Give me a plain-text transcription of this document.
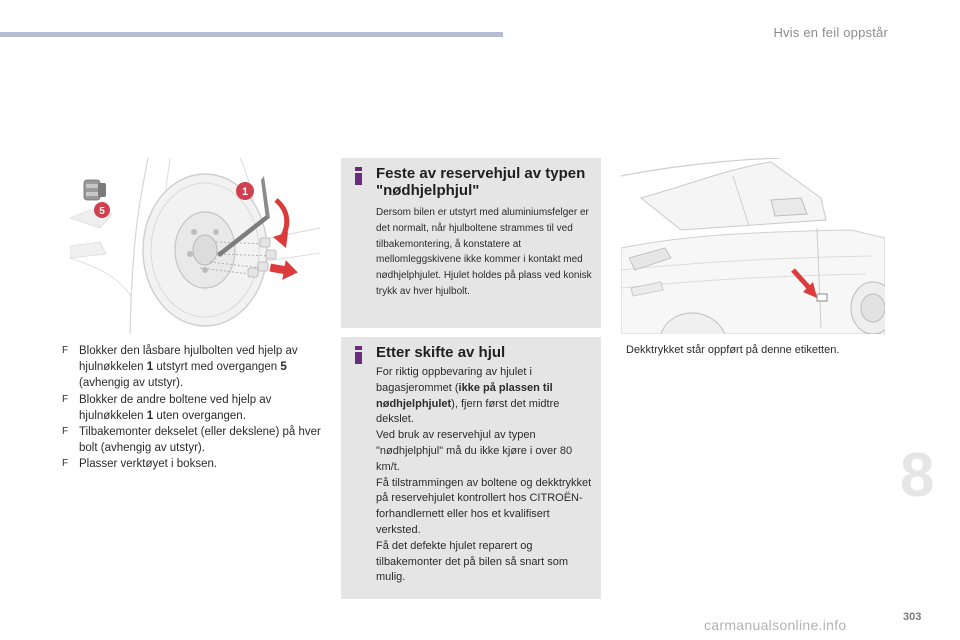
Hvis en feil oppstår
1
5
F Blokker den låsbare hjulbolten ved hjelp av hjulnøkkelen 1 utstyrt med overgangen 5 (avhengig av utstyr).
F Blokker de andre boltene ved hjelp av hjulnøkkelen 1 uten overgangen.
F Tilbakemonter dekselet (eller dekslene) på hver bolt (avhengig av utstyr).
F Plasser verktøyet i boksen.
Feste av reservehjul av typen "nødhjelphjul"
Dersom bilen er utstyrt med aluminiumsfelger er det normalt, når hjulboltene strammes til ved tilbakemontering, å konstatere at mellomleggskivene ikke kommer i kontakt med nødhjelphjulet. Hjulet holdes på plass ved konisk trykk av hver hjulbolt.
Etter skifte av hjul
For riktig oppbevaring av hjulet i bagasjerommet (ikke på plassen til nødhjelphjulet), fjern først det midtre dekslet.
Ved bruk av reservehjul av typen "nødhjelphjul" må du ikke kjøre i over 80 km/t.
Få tilstrammingen av boltene og dekktrykket på reservehjulet kontrollert hos CITROËN-forhandlernett eller hos et kvalifisert verksted.
Få det defekte hjulet reparert og tilbakemonter det på bilen så snart som mulig.
Dekktrykket står oppført på denne etiketten.
8
303
carmanualsonline.info
